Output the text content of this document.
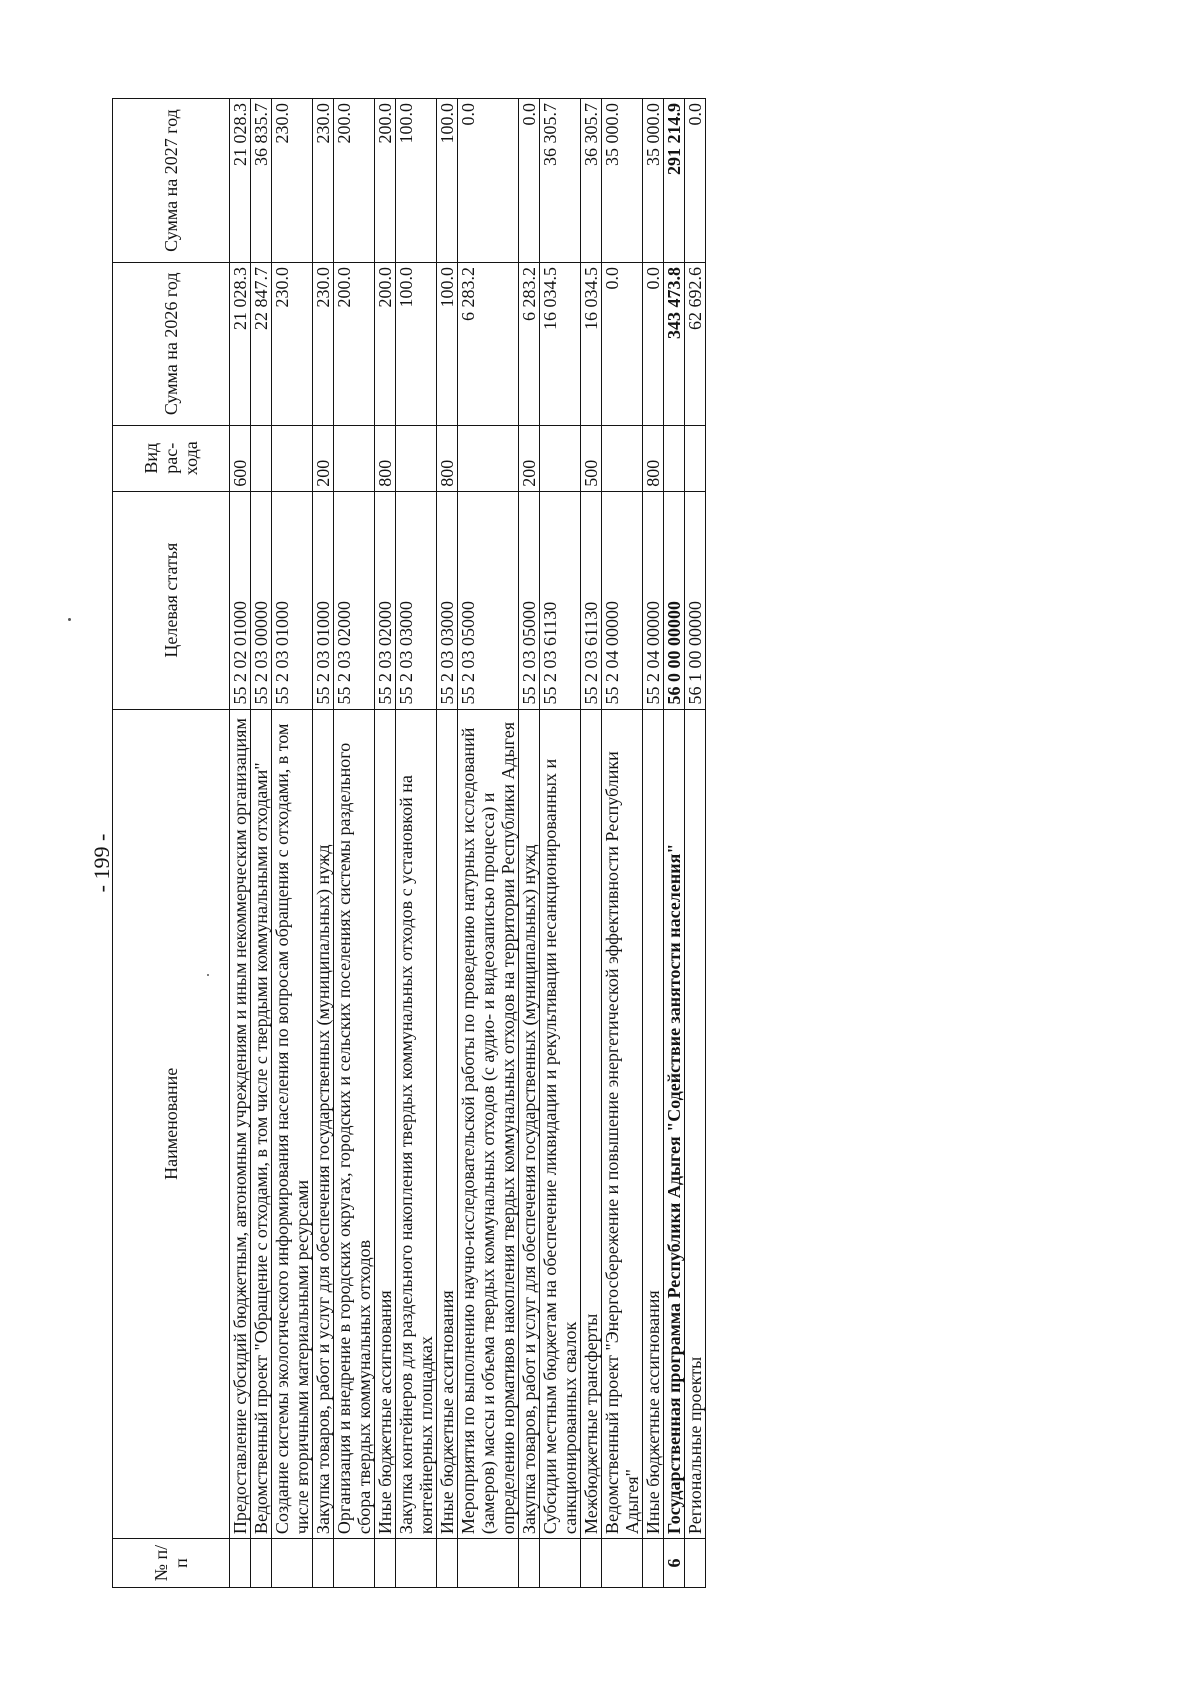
- 199 -
№ п/п	Наименование	Целевая статья	Вид рас- хода	Сумма на 2026 год	Сумма на 2027 год
	Предоставление субсидий бюджетным, автономным учреждениям и иным некоммерческим организациям	55 2 02 01000	600	21 028.3	21 028.3
	Ведомственный проект "Обращение с отходами, в том числе с твердыми коммунальными отходами"	55 2 03 00000		22 847.7	36 835.7
	Создание системы экологического информирования населения по вопросам обращения с отходами, в том числе вторичными материальными ресурсами	55 2 03 01000		230.0	230.0
	Закупка товаров, работ и услуг для обеспечения государственных (муниципальных) нужд	55 2 03 01000	200	230.0	230.0
	Организация и внедрение в городских округах, городских и сельских поселениях системы раздельного сбора твердых коммунальных отходов	55 2 03 02000		200.0	200.0
	Иные бюджетные ассигнования	55 2 03 02000	800	200.0	200.0
	Закупка контейнеров для раздельного накопления твердых коммунальных отходов с установкой на контейнерных площадках	55 2 03 03000		100.0	100.0
	Иные бюджетные ассигнования	55 2 03 03000	800	100.0	100.0
	Мероприятия по выполнению научно-исследовательской работы по проведению натурных исследований (замеров) массы и объема твердых коммунальных отходов (с аудио- и видеозаписью процесса) и определению нормативов накопления твердых коммунальных отходов на территории Республики Адыгея	55 2 03 05000		6 283.2	0.0
	Закупка товаров, работ и услуг для обеспечения государственных (муниципальных) нужд	55 2 03 05000	200	6 283.2	0.0
	Субсидии местным бюджетам на обеспечение ликвидации и рекультивации несанкционированных и санкционированных свалок	55 2 03 61130		16 034.5	36 305.7
	Межбюджетные трансферты	55 2 03 61130	500	16 034.5	36 305.7
	Ведомственный проект "Энергосбережение и повышение энергетической эффективности Республики Адыгея"	55 2 04 00000		0.0	35 000.0
	Иные бюджетные ассигнования	55 2 04 00000	800	0.0	35 000.0
6	Государственная программа Республики Адыгея "Содействие занятости населения"	56 0 00 00000		343 473.8	291 214.9
	Региональные проекты	56 1 00 00000		62 692.6	0.0
